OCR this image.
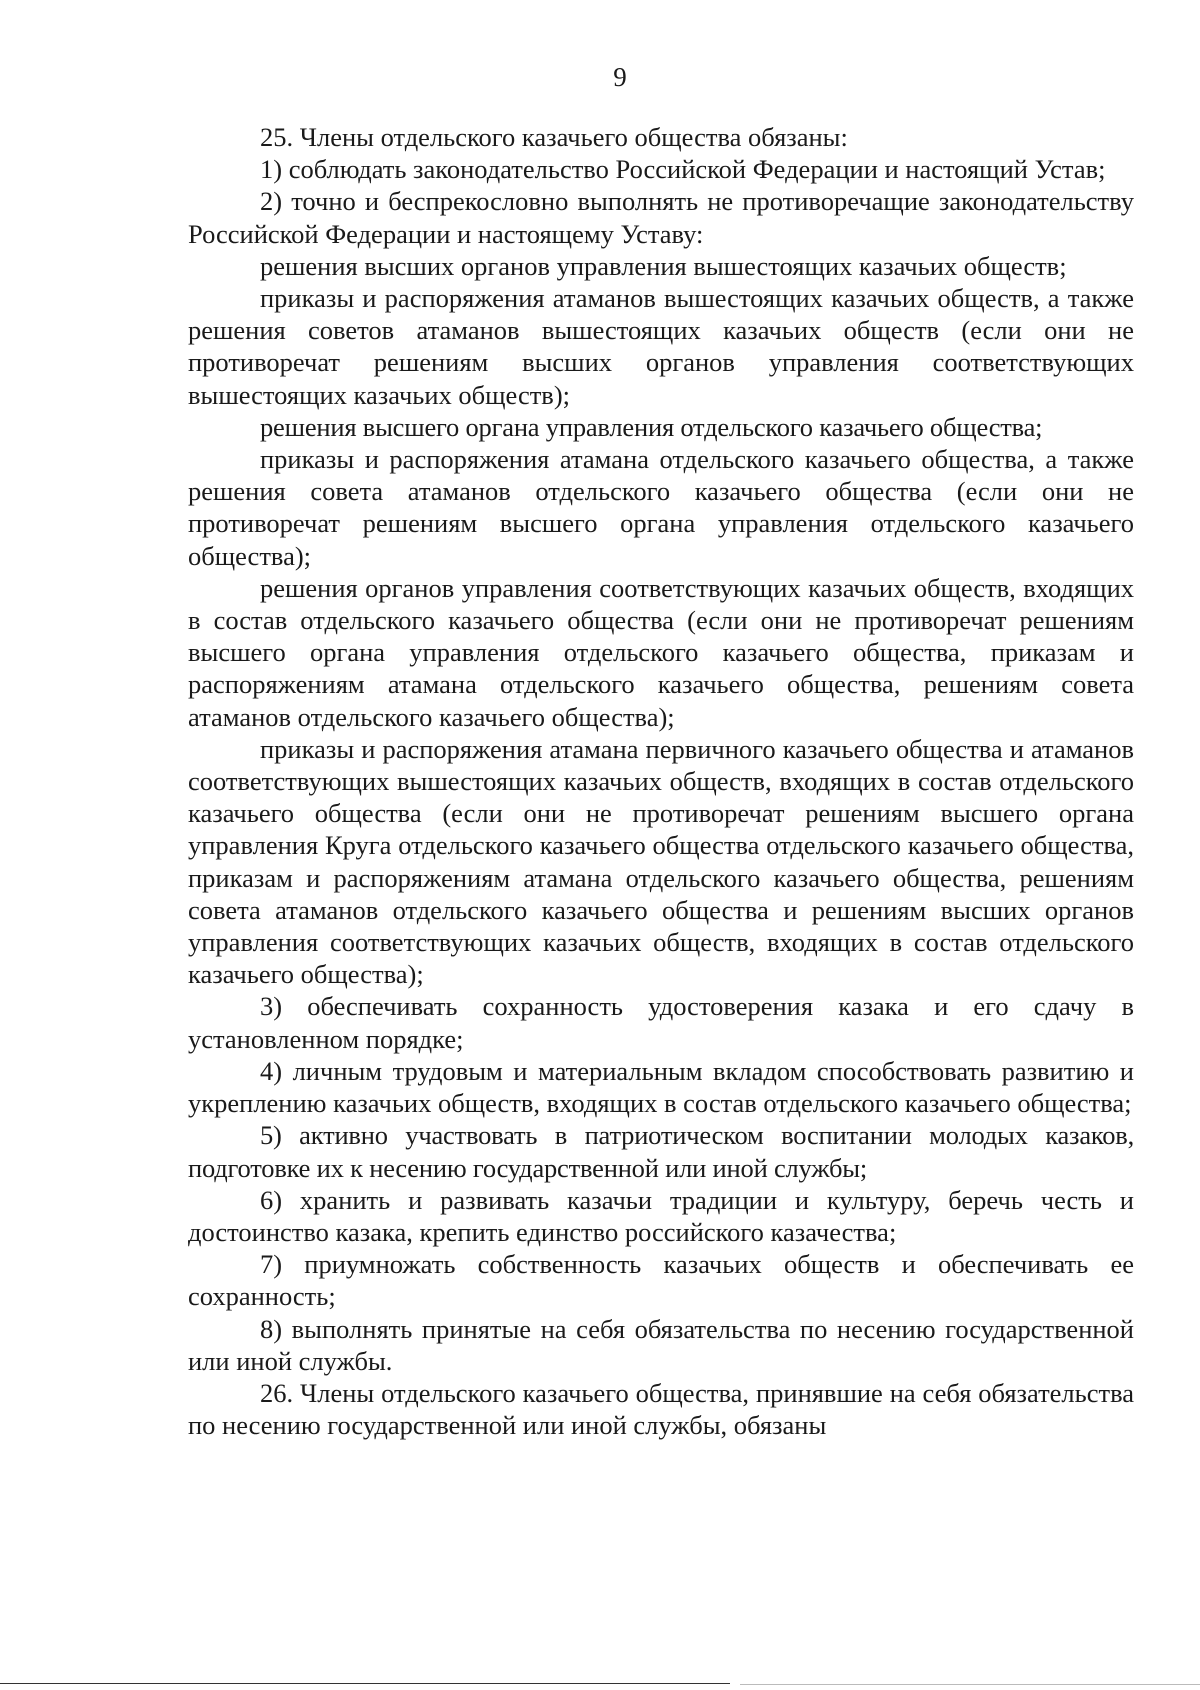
9

25. Члены отдельского казачьего общества обязаны:

1) соблюдать законодательство Российской Федерации и настоящий Устав;

2) точно и беспрекословно выполнять не противоречащие законодательству Российской Федерации и настоящему Уставу:

решения высших органов управления вышестоящих казачьих обществ;

приказы и распоряжения атаманов вышестоящих казачьих обществ, а также решения советов атаманов вышестоящих казачьих обществ (если они не противоречат решениям высших органов управления соответствующих вышестоящих казачьих обществ);

решения высшего органа управления отдельского казачьего общества;

приказы и распоряжения атамана отдельского казачьего общества, а также решения совета атаманов отдельского казачьего общества (если они не противоречат решениям высшего органа управления отдельского казачьего общества);

решения органов управления соответствующих казачьих обществ, входящих в состав отдельского казачьего общества (если они не противоречат решениям высшего органа управления отдельского казачьего общества, приказам и распоряжениям атамана отдельского казачьего общества, решениям совета атаманов отдельского казачьего общества);

приказы и распоряжения атамана первичного казачьего общества и атаманов соответствующих вышестоящих казачьих обществ, входящих в состав отдельского казачьего общества (если они не противоречат решениям высшего органа управления Круга отдельского казачьего общества отдельского казачьего общества, приказам и распоряжениям атамана отдельского казачьего общества, решениям совета атаманов отдельского казачьего общества и решениям высших органов управления соответствующих казачьих обществ, входящих в состав отдельского казачьего общества);

3) обеспечивать сохранность удостоверения казака и его сдачу в установленном порядке;

4) личным трудовым и материальным вкладом способствовать развитию и укреплению казачьих обществ, входящих в состав отдельского казачьего общества;

5) активно участвовать в патриотическом воспитании молодых казаков, подготовке их к несению государственной или иной службы;

6) хранить и развивать казачьи традиции и культуру, беречь честь и достоинство казака, крепить единство российского казачества;

7) приумножать собственность казачьих обществ и обеспечивать ее сохранность;

8) выполнять принятые на себя обязательства по несению государственной или иной службы.

26. Члены отдельского казачьего общества, принявшие на себя обязательства по несению государственной или иной службы, обязаны
